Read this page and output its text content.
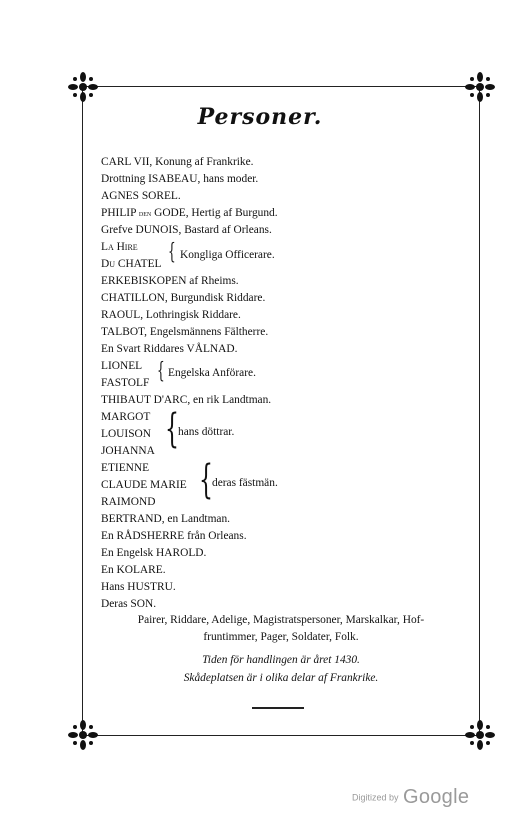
Personer.
CARL VII, Konung af Frankrike.
Drottning ISABEAU, hans moder.
AGNES SOREL.
PHILIP den GODE, Hertig af Burgund.
Grefve DUNOIS, Bastard af Orleans.
La Hire
Du CHATEL { Kongliga Officerare.
ERKEBISKOPEN af Rheims.
CHATILLON, Burgundisk Riddare.
RAOUL, Lothringisk Riddare.
TALBOT, Engelsmännens Fältherre.
En Svart Riddares VÅLNAD.
LIONEL
FASTOLF { Engelska Anförare.
THIBAUT D'ARC, en rik Landtman.
MARGOT
LOUISON
JOHANNA { hans döttrar.
ETIENNE
CLAUDE MARIE
RAIMOND { deras fästmän.
BERTRAND, en Landtman.
En RÅDSHERRE från Orleans.
En Engelsk HAROLD.
En KOLARE.
Hans HUSTRU.
Deras SON.
Pairer, Riddare, Adelige, Magistratspersoner, Marskalkar, Hof-
fruntimmer, Pager, Soldater, Folk.
Tiden för handlingen är året 1430.
Skådeplatsen är i olika delar af Frankrike.
Digitized by Google
